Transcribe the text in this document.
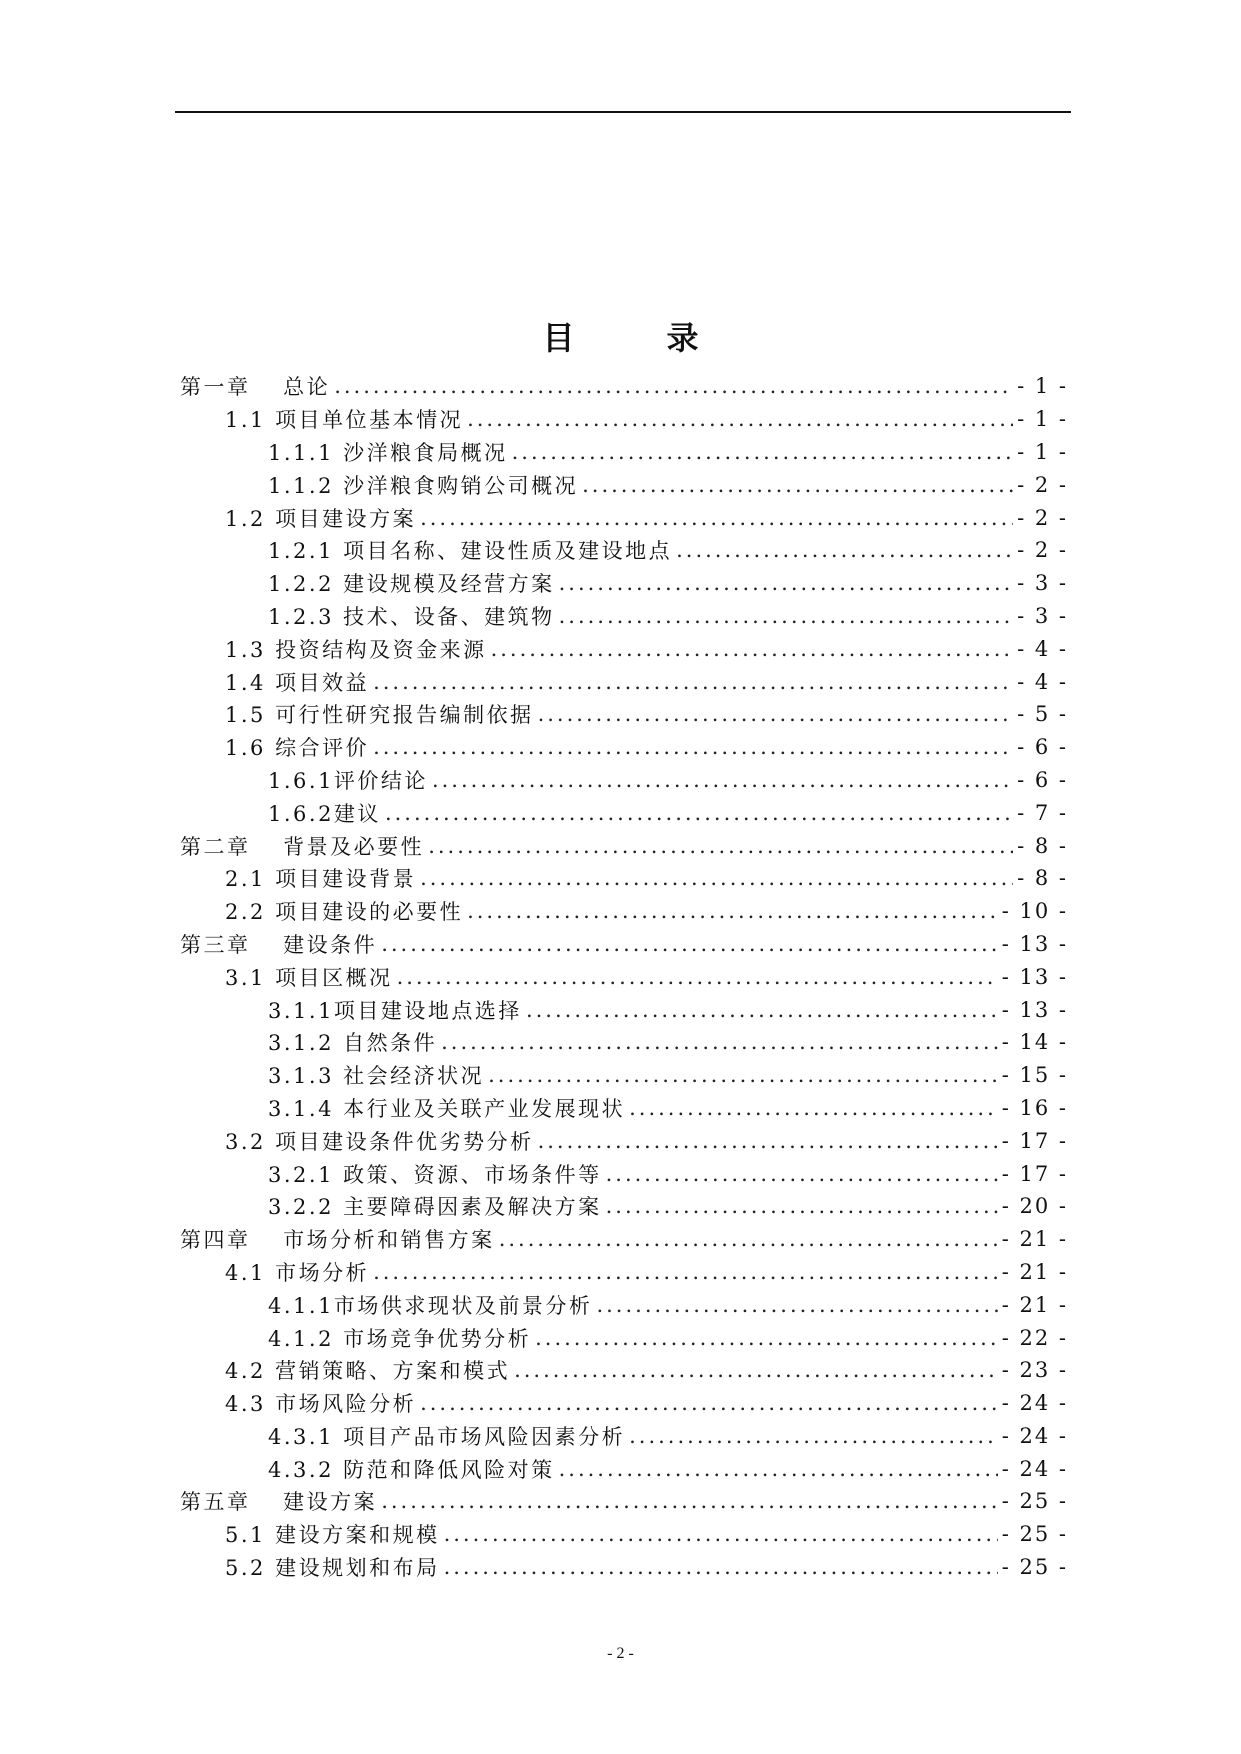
目　录
第一章　 总论 .....	- 1 -
1.1 项目单位基本情况 .....	- 1 -
1.1.1 沙洋粮食局概况 .....	- 1 -
1.1.2 沙洋粮食购销公司概况 .....	- 2 -
1.2 项目建设方案 .....	- 2 -
1.2.1 项目名称、建设性质及建设地点 .....	- 2 -
1.2.2 建设规模及经营方案 .....	- 3 -
1.2.3 技术、设备、建筑物 .....	- 3 -
1.3 投资结构及资金来源 .....	- 4 -
1.4 项目效益 .....	- 4 -
1.5 可行性研究报告编制依据 .....	- 5 -
1.6 综合评价 .....	- 6 -
1.6.1评价结论 .....	- 6 -
1.6.2建议 .....	- 7 -
第二章　 背景及必要性 .....	- 8 -
2.1 项目建设背景 .....	- 8 -
2.2 项目建设的必要性 .....	- 10 -
第三章　 建设条件 .....	- 13 -
3.1 项目区概况 .....	- 13 -
3.1.1项目建设地点选择 .....	- 13 -
3.1.2 自然条件 .....	- 14 -
3.1.3 社会经济状况 .....	- 15 -
3.1.4 本行业及关联产业发展现状 .....	- 16 -
3.2 项目建设条件优劣势分析 .....	- 17 -
3.2.1 政策、资源、市场条件等 .....	- 17 -
3.2.2 主要障碍因素及解决方案 .....	- 20 -
第四章　 市场分析和销售方案 .....	- 21 -
4.1 市场分析 .....	- 21 -
4.1.1市场供求现状及前景分析 .....	- 21 -
4.1.2 市场竞争优势分析 .....	- 22 -
4.2 营销策略、方案和模式 .....	- 23 -
4.3 市场风险分析 .....	- 24 -
4.3.1 项目产品市场风险因素分析 .....	- 24 -
4.3.2 防范和降低风险对策 .....	- 24 -
第五章　 建设方案 .....	- 25 -
5.1 建设方案和规模 .....	- 25 -
5.2 建设规划和布局 .....	- 25 -
- 2 -
